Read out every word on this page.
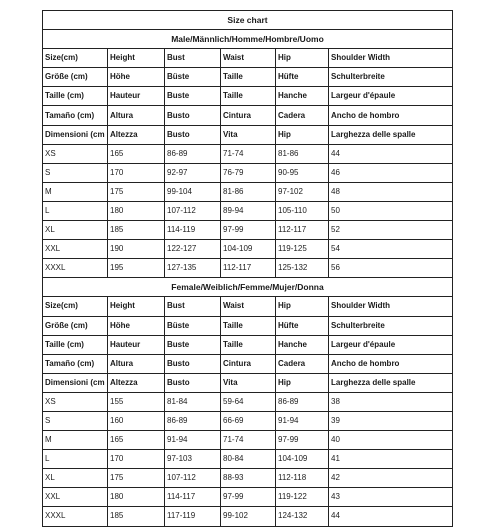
Size chart					
Male/Männlich/Homme/Hombre/Uomo					
Size(cm)	Height	Bust	Waist	Hip	Shoulder Width
Größe (cm)	Höhe	Büste	Taille	Hüfte	Schulterbreite
Taille (cm)	Hauteur	Buste	Taille	Hanche	Largeur d'épaule
Tamaño (cm)	Altura	Busto	Cintura	Cadera	Ancho de hombro
Dimensioni (cm	Altezza	Busto	Vita	Hip	Larghezza delle spalle
XS	165	86-89	71-74	81-86	44
S	170	92-97	76-79	90-95	46
M	175	99-104	81-86	97-102	48
L	180	107-112	89-94	105-110	50
XL	185	114-119	97-99	112-117	52
XXL	190	122-127	104-109	119-125	54
XXXL	195	127-135	112-117	125-132	56
Female/Weiblich/Femme/Mujer/Donna					
Size(cm)	Height	Bust	Waist	Hip	Shoulder Width
Größe (cm)	Höhe	Büste	Taille	Hüfte	Schulterbreite
Taille (cm)	Hauteur	Buste	Taille	Hanche	Largeur d'épaule
Tamaño (cm)	Altura	Busto	Cintura	Cadera	Ancho de hombro
Dimensioni (cm	Altezza	Busto	Vita	Hip	Larghezza delle spalle
XS	155	81-84	59-64	86-89	38
S	160	86-89	66-69	91-94	39
M	165	91-94	71-74	97-99	40
L	170	97-103	80-84	104-109	41
XL	175	107-112	88-93	112-118	42
XXL	180	114-117	97-99	119-122	43
XXXL	185	117-119	99-102	124-132	44
